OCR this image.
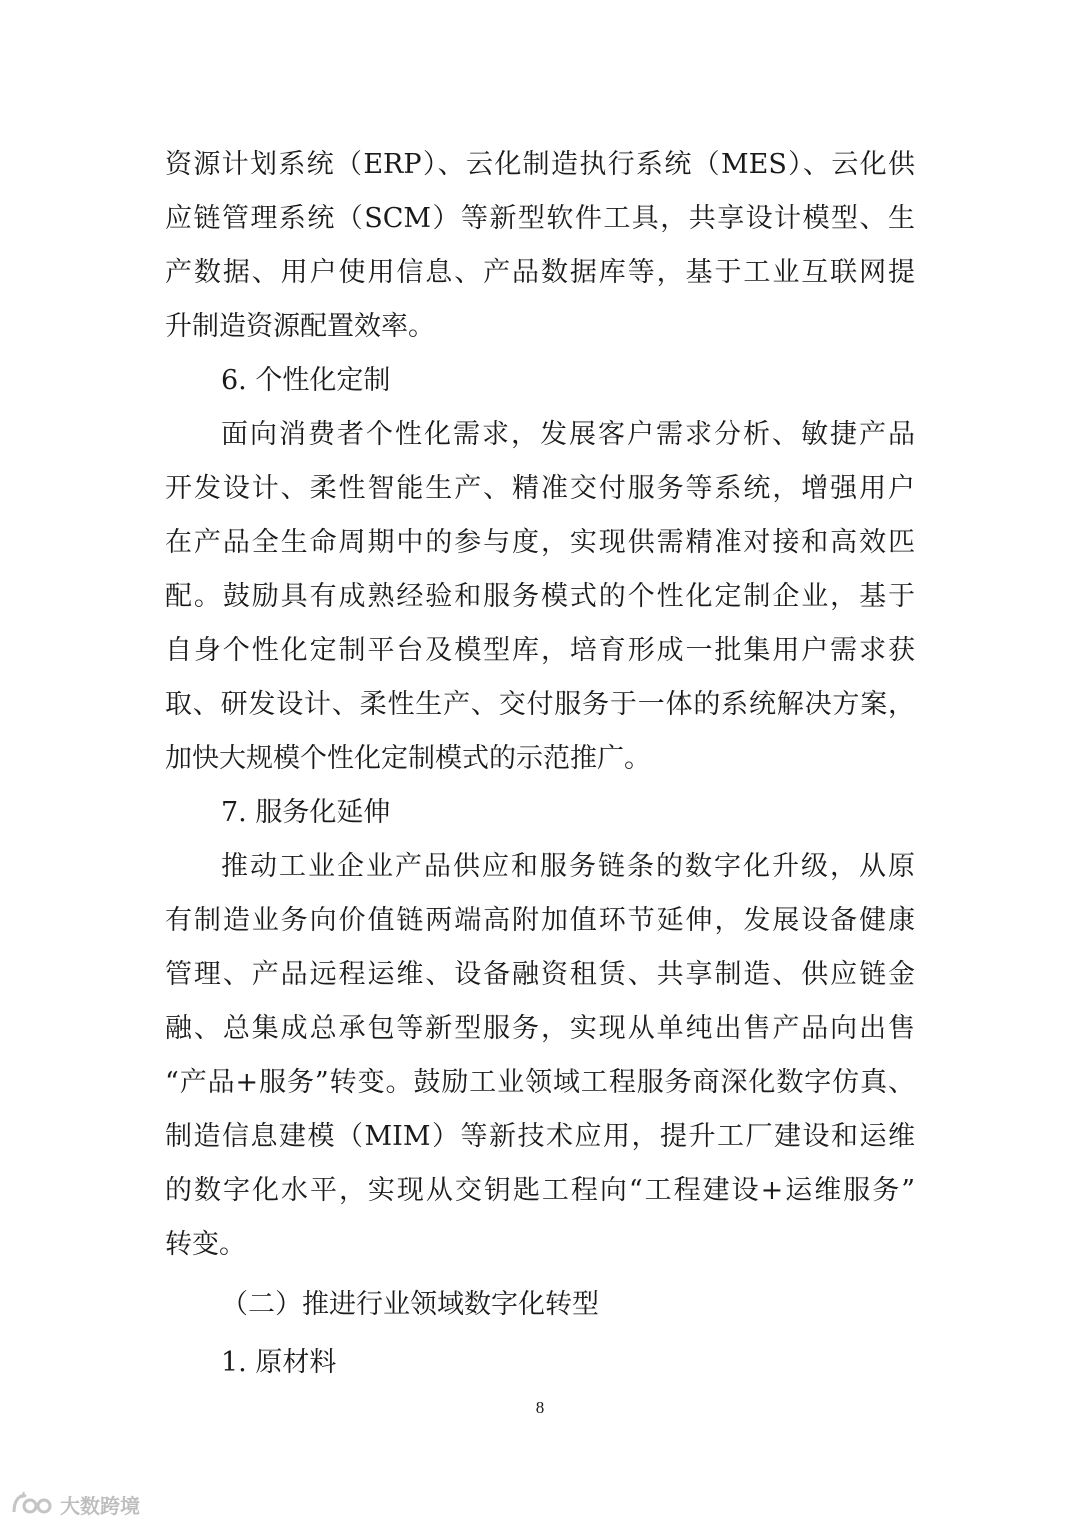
资源计划系统（ERP）、云化制造执行系统（MES）、云化供
应链管理系统（SCM）等新型软件工具，共享设计模型、生
产数据、用户使用信息、产品数据库等，基于工业互联网提
升制造资源配置效率。
6. 个性化定制
面向消费者个性化需求，发展客户需求分析、敏捷产品
开发设计、柔性智能生产、精准交付服务等系统，增强用户
在产品全生命周期中的参与度，实现供需精准对接和高效匹
配。鼓励具有成熟经验和服务模式的个性化定制企业，基于
自身个性化定制平台及模型库，培育形成一批集用户需求获
取、研发设计、柔性生产、交付服务于一体的系统解决方案，
加快大规模个性化定制模式的示范推广。
7. 服务化延伸
推动工业企业产品供应和服务链条的数字化升级，从原
有制造业务向价值链两端高附加值环节延伸，发展设备健康
管理、产品远程运维、设备融资租赁、共享制造、供应链金
融、总集成总承包等新型服务，实现从单纯出售产品向出售
“产品+服务”转变。鼓励工业领域工程服务商深化数字仿真、
制造信息建模（MIM）等新技术应用，提升工厂建设和运维
的数字化水平，实现从交钥匙工程向“工程建设+运维服务”
转变。
（二）推进行业领域数字化转型
1. 原材料
8
大数跨境
